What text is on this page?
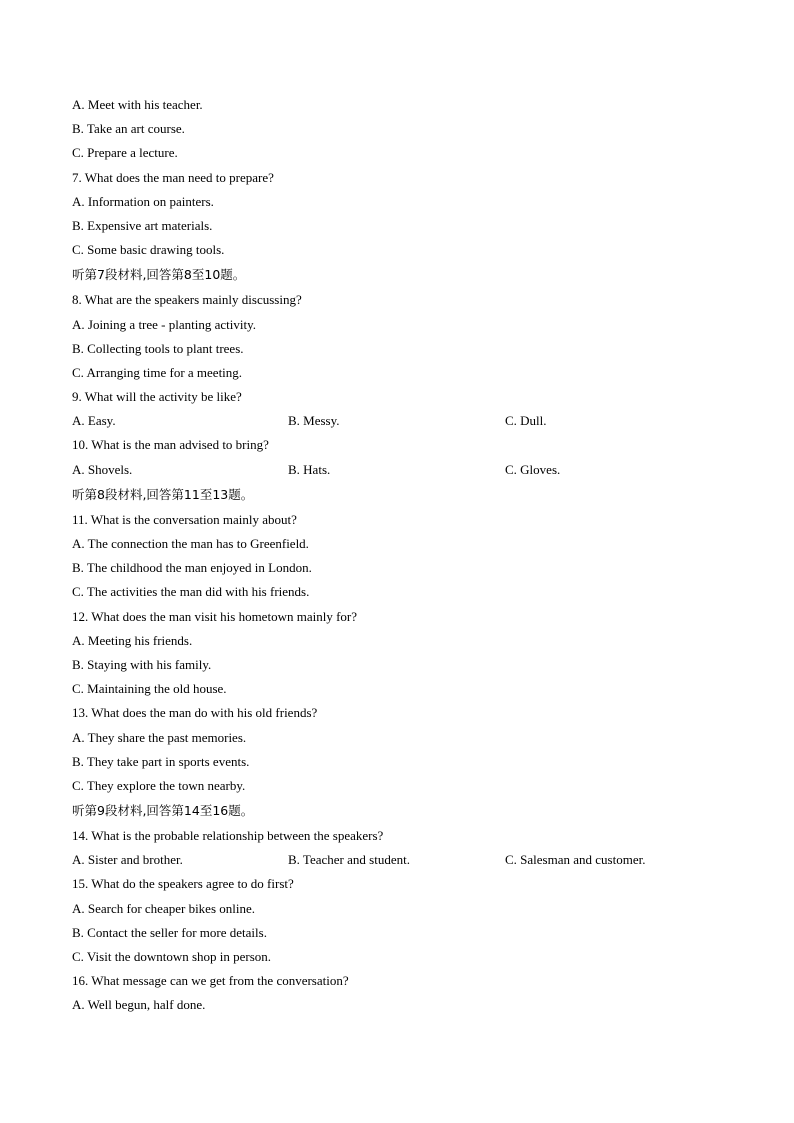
A. Meet with his teacher.
B. Take an art course.
C. Prepare a lecture.
7. What does the man need to prepare?
A. Information on painters.
B. Expensive art materials.
C. Some basic drawing tools.
听第7段材料,回答第8至10题。
8. What are the speakers mainly discussing?
A. Joining a tree - planting activity.
B. Collecting tools to plant trees.
C. Arranging time for a meeting.
9. What will the activity be like?
A. Easy.	B. Messy.	C. Dull.
10. What is the man advised to bring?
A. Shovels.	B. Hats.	C. Gloves.
听第8段材料,回答第11至13题。
11. What is the conversation mainly about?
A. The connection the man has to Greenfield.
B. The childhood the man enjoyed in London.
C. The activities the man did with his friends.
12. What does the man visit his hometown mainly for?
A. Meeting his friends.
B. Staying with his family.
C. Maintaining the old house.
13. What does the man do with his old friends?
A. They share the past memories.
B. They take part in sports events.
C. They explore the town nearby.
听第9段材料,回答第14至16题。
14. What is the probable relationship between the speakers?
A. Sister and brother.	B. Teacher and student.	C. Salesman and customer.
15. What do the speakers agree to do first?
A. Search for cheaper bikes online.
B. Contact the seller for more details.
C. Visit the downtown shop in person.
16. What message can we get from the conversation?
A. Well begun, half done.
